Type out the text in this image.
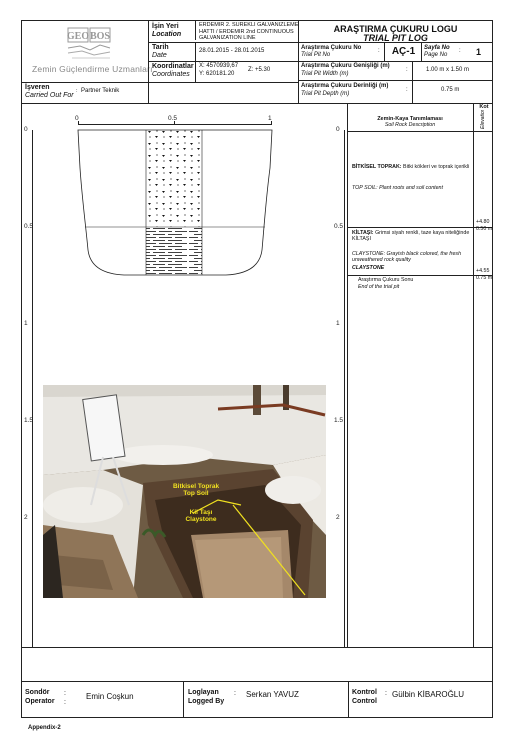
GEO BOS
Zemin Güçlendirme Uzmanları
İşin Yeri
Location
ERDEMIR 2. SUREKLI GALVANIZLEME
HATTI / ERDEMIR 2nd CONTINUOUS
GALVANIZATION LINE
Tarih
Date
28.01.2015 - 28.01.2015
Koordinatlar
Coordinates
X: 4570939,67
Y: 620181.20
Z: +5.30
İşveren
Carried Out For
: Partner Teknik
ARAŞTIRMA ÇUKURU LOGU
TRIAL PIT LOG
Araştırma Çukuru No
Trial Pit No
:	AÇ-1	Sayfa No
Page No
: 1
Araştırma Çukuru Genişliği (m)
Trial Pit Width (m)
:	1.00 m x 1.50 m
Araştırma Çukuru Derinliği (m)
Trial Pit Depth (m)
:	0.75 m
Zemin-Kaya Tanımlaması
Soil Rock Description
Kot
Elevation
0	0.5	1
0
0.5
1
1.5
2
0
0.5
1
1.5
2
BİTKİSEL TOPRAK: Bitki kökleri ve toprak içerikli
TOP SOIL: Plant roots and soil content
+4.80
0.50 m
KİLTAŞI: Grimsi siyah renkli, taze kaya niteliğinde KİLTAŞI
CLAYSTONE: Grayish black colored, the fresh unweathered rock quality
CLAYSTONE	+4.55
0.75 m
Araştırma Çukuru Sonu
End of the trial pit
Bitkisel Toprak
Top Soil
Kil Taşı
Claystone
Sondör
Operator
:
:
Emin Coşkun	Loglayan
Logged By
: Serkan YAVUZ	Kontrol
Control
: Gülbin KİBAROĞLU
Appendix-2
